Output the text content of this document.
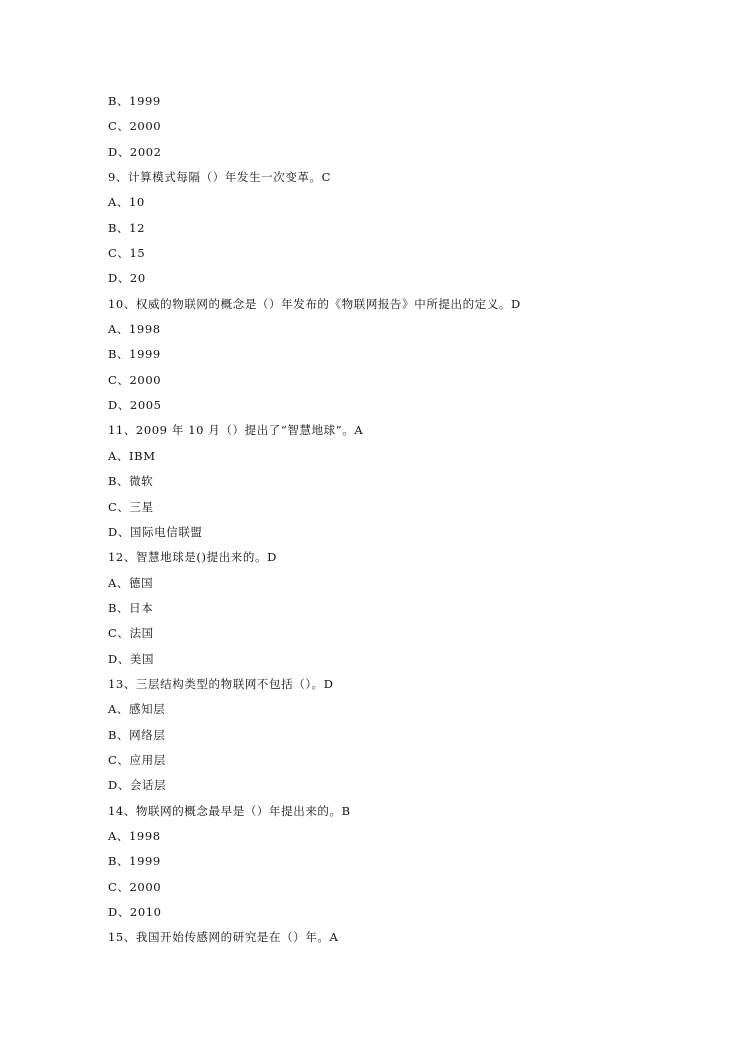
B、1999
C、2000
D、2002
9、计算模式每隔（）年发生一次变革。C
A、10
B、12
C、15
D、20
10、权威的物联网的概念是（）年发布的《物联网报告》中所提出的定义。D
A、1998
B、1999
C、2000
D、2005
11、2009 年 10 月（）提出了“智慧地球”。A
A、IBM
B、微软
C、三星
D、国际电信联盟
12、智慧地球是()提出来的。D
A、德国
B、日本
C、法国
D、美国
13、三层结构类型的物联网不包括（）。D
A、感知层
B、网络层
C、应用层
D、会话层
14、物联网的概念最早是（）年提出来的。B
A、1998
B、1999
C、2000
D、2010
15、我国开始传感网的研究是在（）年。A
